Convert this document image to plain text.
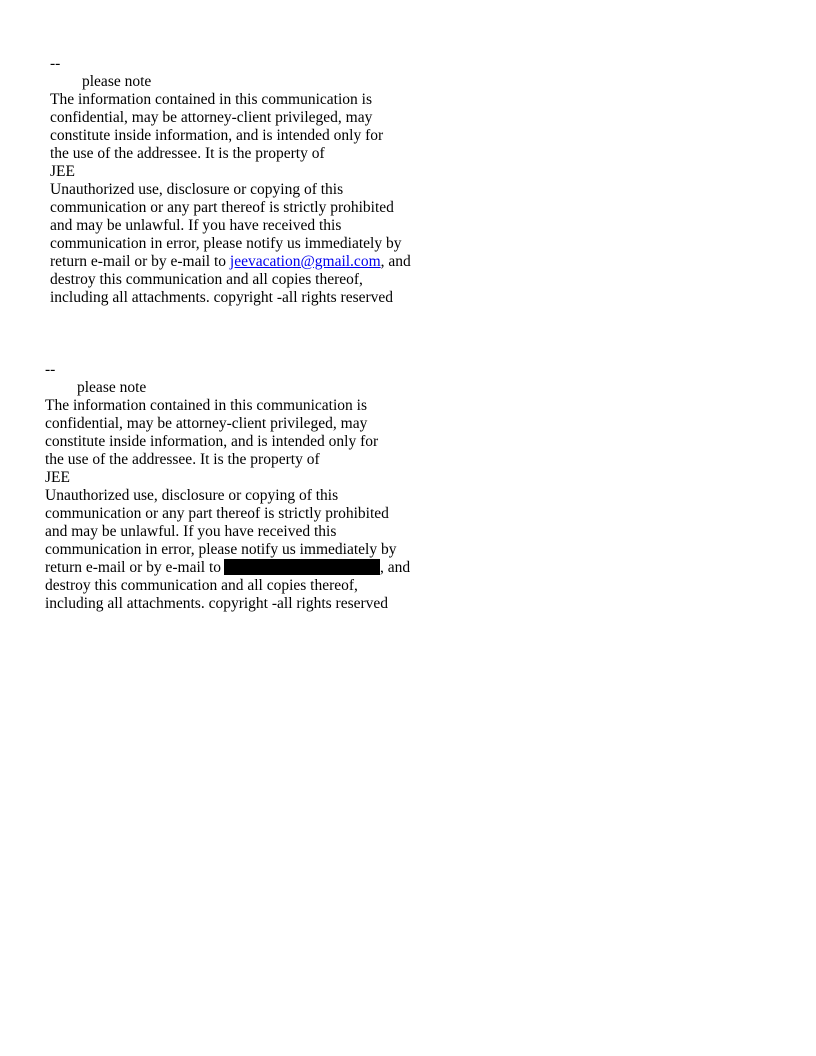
--
please note
The information contained in this communication is
confidential, may be attorney-client privileged, may
constitute inside information, and is intended only for
the use of the addressee. It is the property of
JEE
Unauthorized use, disclosure or copying of this
communication or any part thereof is strictly prohibited
and may be unlawful. If you have received this
communication in error, please notify us immediately by
return e-mail or by e-mail to jeevacation@gmail.com, and
destroy this communication and all copies thereof,
including all attachments. copyright -all rights reserved
--
please note
The information contained in this communication is
confidential, may be attorney-client privileged, may
constitute inside information, and is intended only for
the use of the addressee. It is the property of
JEE
Unauthorized use, disclosure or copying of this
communication or any part thereof is strictly prohibited
and may be unlawful. If you have received this
communication in error, please notify us immediately by
return e-mail or by e-mail to	, and
destroy this communication and all copies thereof,
including all attachments. copyright -all rights reserved
